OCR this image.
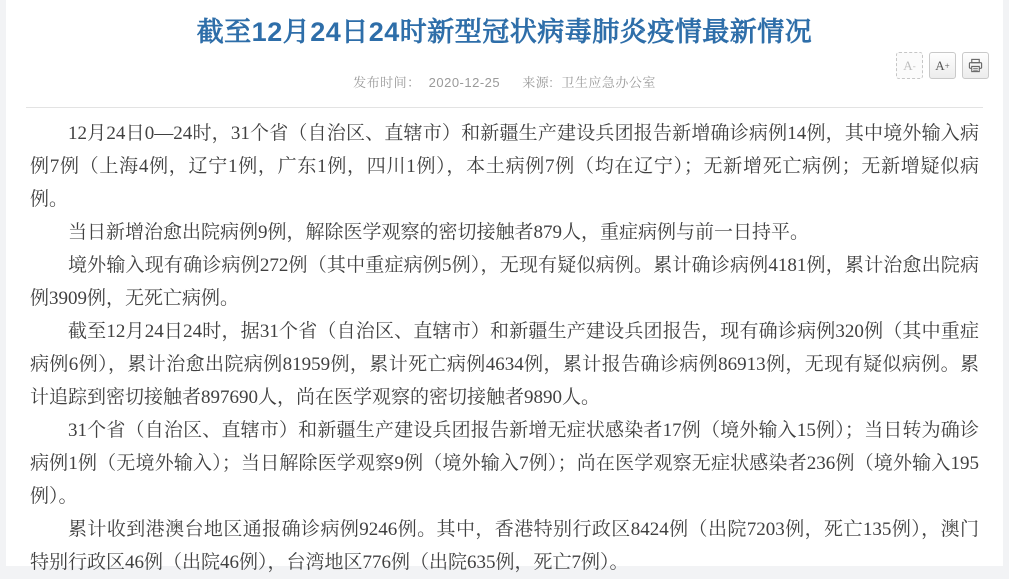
截至12月24日24时新型冠状病毒肺炎疫情最新情况
发布时间： 2020-12-25 来源: 卫生应急办公室
A - A +

12月24日0—24时，31个省（自治区、直辖市）和新疆生产建设兵团报告新增确诊病例14例，其中境外输入病例7例（上海4例，辽宁1例，广东1例，四川1例），本土病例7例（均在辽宁）；无新增死亡病例；无新增疑似病例。

当日新增治愈出院病例9例，解除医学观察的密切接触者879人，重症病例与前一日持平。

境外输入现有确诊病例272例（其中重症病例5例），无现有疑似病例。累计确诊病例4181例，累计治愈出院病例3909例，无死亡病例。

截至12月24日24时，据31个省（自治区、直辖市）和新疆生产建设兵团报告，现有确诊病例320例（其中重症病例6例），累计治愈出院病例81959例，累计死亡病例4634例，累计报告确诊病例86913例，无现有疑似病例。累计追踪到密切接触者897690人，尚在医学观察的密切接触者9890人。

31个省（自治区、直辖市）和新疆生产建设兵团报告新增无症状感染者17例（境外输入15例）；当日转为确诊病例1例（无境外输入）；当日解除医学观察9例（境外输入7例）；尚在医学观察无症状感染者236例（境外输入195例）。

累计收到港澳台地区通报确诊病例9246例。其中，香港特别行政区8424例（出院7203例，死亡135例），澳门特别行政区46例（出院46例），台湾地区776例（出院635例，死亡7例）。
